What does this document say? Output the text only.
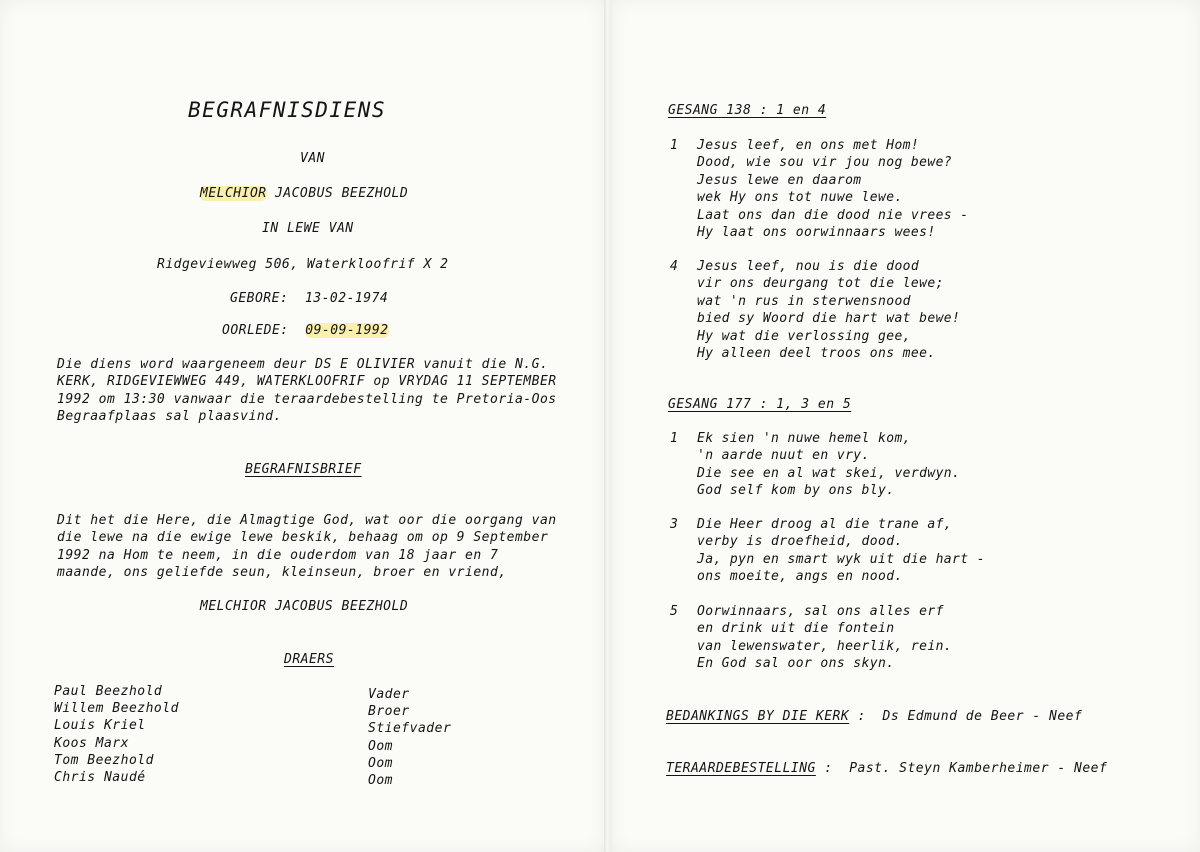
BEGRAFNISDIENS
VAN
MELCHIOR JACOBUS BEEZHOLD
IN LEWE VAN
Ridgeviewweg 506, Waterkloofrif X 2
GEBORE: 13-02-1974
OORLEDE: 09-09-1992
Die diens word waargeneem deur DS E OLIVIER vanuit die N.G.
KERK, RIDGEVIEWWEG 449, WATERKLOOFRIF op VRYDAG 11 SEPTEMBER
1992 om 13:30 vanwaar die teraardebestelling te Pretoria-Oos
Begraafplaas sal plaasvind.
BEGRAFNISBRIEF
Dit het die Here, die Almagtige God, wat oor die oorgang van
die lewe na die ewige lewe beskik, behaag om op 9 September
1992 na Hom te neem, in die ouderdom van 18 jaar en 7
maande, ons geliefde seun, kleinseun, broer en vriend,
MELCHIOR JACOBUS BEEZHOLD
DRAERS
Paul Beezhold
Willem Beezhold
Louis Kriel
Koos Marx
Tom Beezhold
Chris Naudé
Vader
Broer
Stiefvader
Oom
Oom
Oom
GESANG 138 : 1 en 4
1 Jesus leef, en ons met Hom!
Dood, wie sou vir jou nog bewe?
Jesus lewe en daarom
wek Hy ons tot nuwe lewe.
Laat ons dan die dood nie vrees -
Hy laat ons oorwinnaars wees!
4 Jesus leef, nou is die dood
vir ons deurgang tot die lewe;
wat 'n rus in sterwensnood
bied sy Woord die hart wat bewe!
Hy wat die verlossing gee,
Hy alleen deel troos ons mee.
GESANG 177 : 1, 3 en 5
1 Ek sien 'n nuwe hemel kom,
'n aarde nuut en vry.
Die see en al wat skei, verdwyn.
God self kom by ons bly.
3 Die Heer droog al die trane af,
verby is droefheid, dood.
Ja, pyn en smart wyk uit die hart -
ons moeite, angs en nood.
5 Oorwinnaars, sal ons alles erf
en drink uit die fontein
van lewenswater, heerlik, rein.
En God sal oor ons skyn.
BEDANKINGS BY DIE KERK :  Ds Edmund de Beer - Neef
TERAARDEBESTELLING :  Past. Steyn Kamberheimer - Neef
